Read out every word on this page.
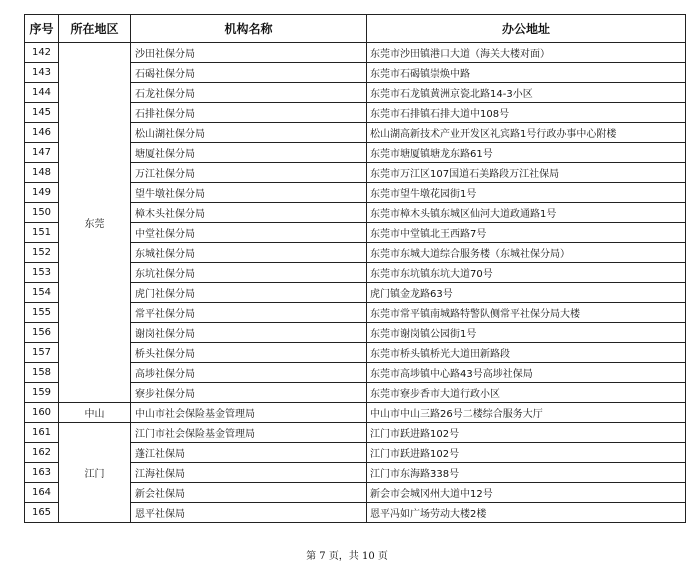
序号	所在地区	机构名称	办公地址
142	东莞	沙田社保分局	东莞市沙田镇港口大道（海关大楼对面）
143		石碣社保分局	东莞市石碣镇崇焕中路
144		石龙社保分局	东莞市石龙镇黄洲京瓷北路14-3小区
145		石排社保分局	东莞市石排镇石排大道中108号
146		松山湖社保分局	松山湖高新技术产业开发区礼宾路1号行政办事中心附楼
147		塘厦社保分局	东莞市塘厦镇塘龙东路61号
148		万江社保分局	东莞市万江区107国道石美路段万江社保局
149		望牛墩社保分局	东莞市望牛墩花园街1号
150		樟木头社保分局	东莞市樟木头镇东城区仙河大道政通路1号
151		中堂社保分局	东莞市中堂镇北王西路7号
152		东城社保分局	东莞市东城大道综合服务楼（东城社保分局）
153		东坑社保分局	东莞市东坑镇东坑大道70号
154		虎门社保分局	虎门镇金龙路63号
155		常平社保分局	东莞市常平镇南城路特警队侧常平社保分局大楼
156		谢岗社保分局	东莞市谢岗镇公园街1号
157		桥头社保分局	东莞市桥头镇桥光大道田新路段
158		高埗社保分局	东莞市高埗镇中心路43号高埗社保局
159		寮步社保分局	东莞市寮步香市大道行政小区
160	中山	中山市社会保险基金管理局	中山市中山三路26号二楼综合服务大厅
161	江门	江门市社会保险基金管理局	江门市跃进路102号
162		蓬江社保局	江门市跃进路102号
163		江海社保局	江门市东海路338号
164		新会社保局	新会市会城冈州大道中12号
165		恩平社保局	恩平冯如广场劳动大楼2楼
第 7 页，共 10 页
